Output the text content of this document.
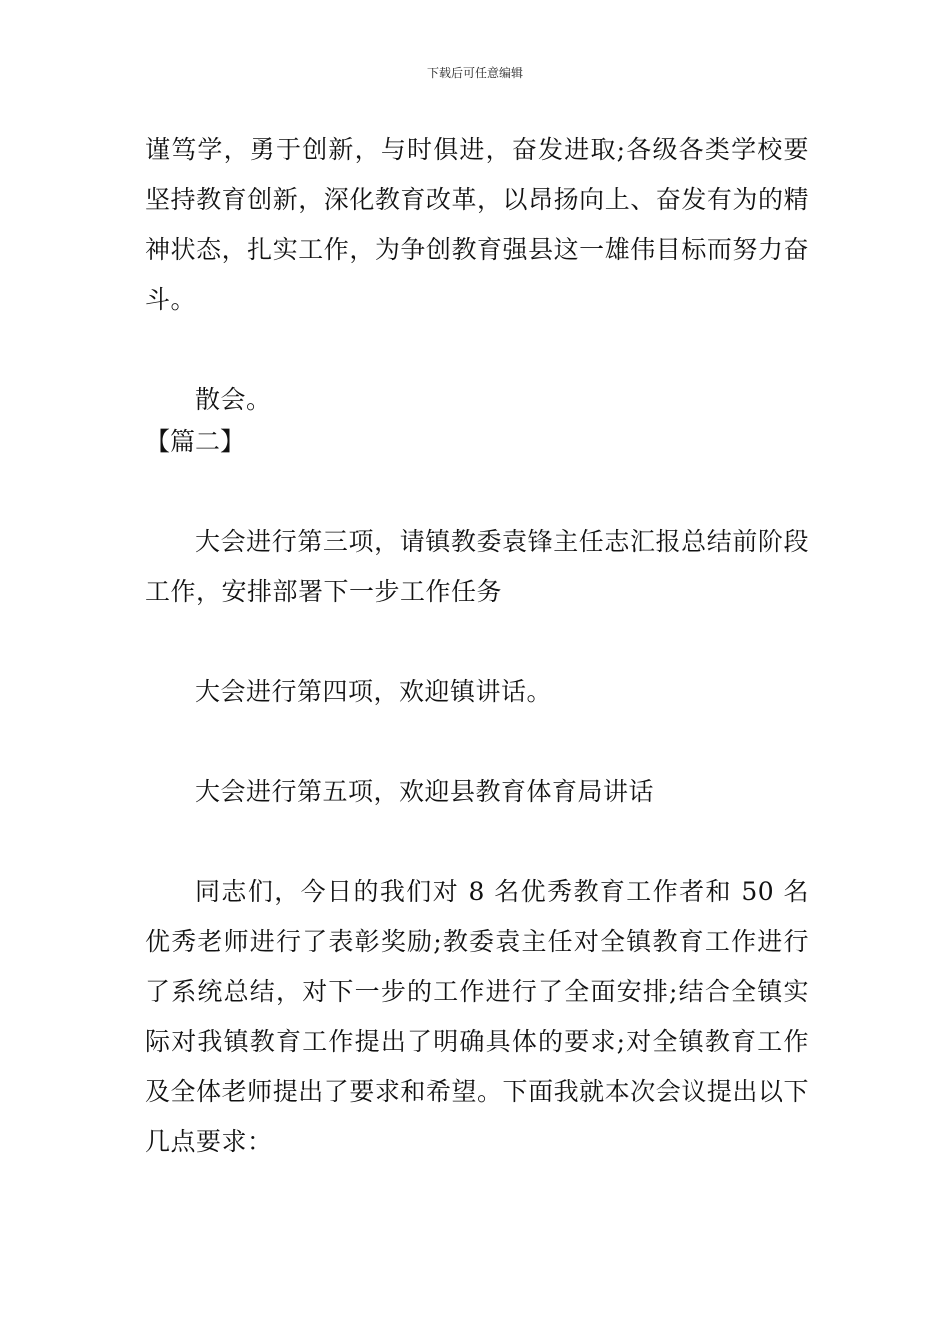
下载后可任意编辑

谨笃学，勇于创新，与时俱进，奋发进取;各级各类学校要坚持教育创新，深化教育改革，以昂扬向上、奋发有为的精神状态，扎实工作，为争创教育强县这一雄伟目标而努力奋斗。

散会。

【篇二】

大会进行第三项，请镇教委袁锋主任志汇报总结前阶段工作，安排部署下一步工作任务

大会进行第四项，欢迎镇讲话。

大会进行第五项，欢迎县教育体育局讲话

同志们，今日的我们对 8 名优秀教育工作者和 50 名优秀老师进行了表彰奖励;教委袁主任对全镇教育工作进行了系统总结，对下一步的工作进行了全面安排;结合全镇实际对我镇教育工作提出了明确具体的要求;对全镇教育工作及全体老师提出了要求和希望。下面我就本次会议提出以下几点要求：
